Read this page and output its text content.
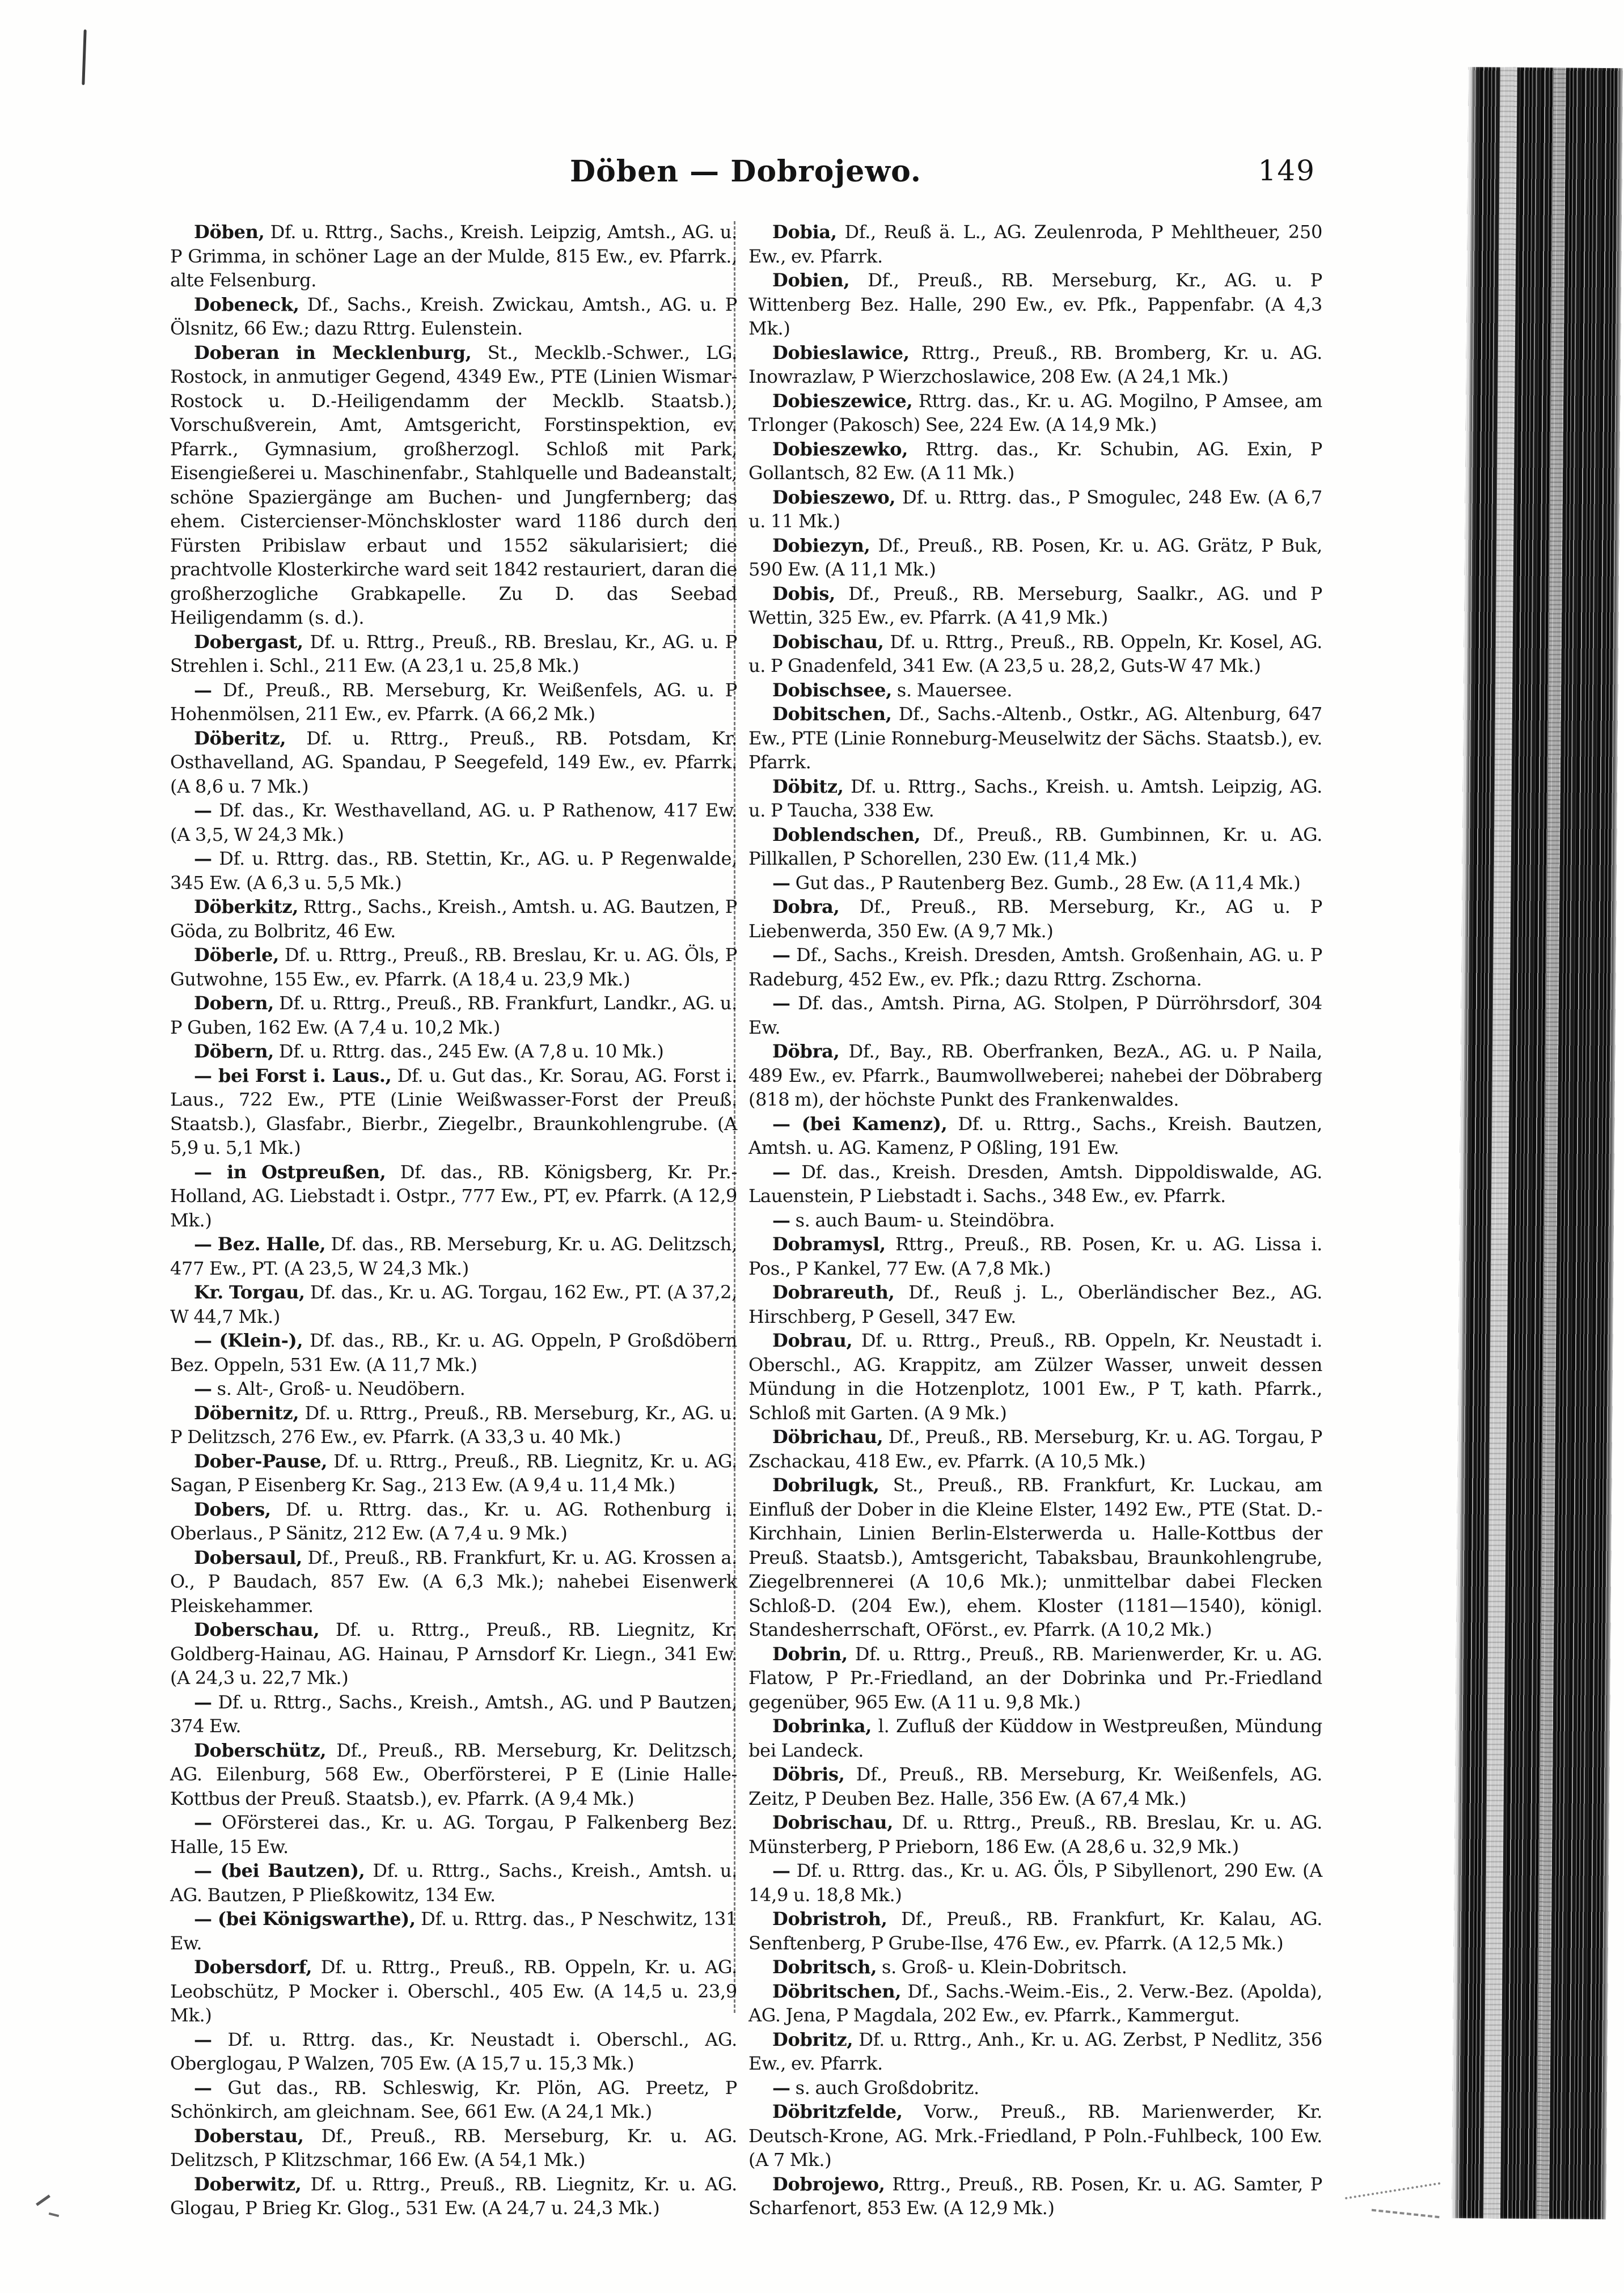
Döben — Dobrojewo.	149

Döben, Df. u. Rttrg., Sachs., Kreish. Leipzig, Amtsh., AG. u. P Grimma, in schöner Lage an der Mulde, 815 Ew., ev. Pfarrk., alte Felsenburg.

Dobeneck, Df., Sachs., Kreish. Zwickau, Amtsh., AG. u. P Ölsnitz, 66 Ew.; dazu Rttrg. Eulenstein.

Doberan in Mecklenburg, St., Mecklb.-Schwer., LG. Rostock, in anmutiger Gegend, 4349 Ew., PTE (Linien Wismar-Rostock u. D.-Heiligendamm der Mecklb. Staatsb.), Vorschußverein, Amt, Amtsgericht, Forstinspektion, ev. Pfarrk., Gymnasium, großherzogl. Schloß mit Park, Eisengießerei u. Maschinenfabr., Stahlquelle und Badeanstalt, schöne Spaziergänge am Buchen- und Jungfernberg; das ehem. Cistercienser-Mönchskloster ward 1186 durch den Fürsten Pribislaw erbaut und 1552 säkularisiert; die prachtvolle Klosterkirche ward seit 1842 restauriert, daran die großherzogliche Grabkapelle. Zu D. das Seebad Heiligendamm (s. d.).

Dobergast, Df. u. Rttrg., Preuß., RB. Breslau, Kr., AG. u. P Strehlen i. Schl., 211 Ew. (A 23,1 u. 25,8 Mk.)

— Df., Preuß., RB. Merseburg, Kr. Weißenfels, AG. u. P Hohenmölsen, 211 Ew., ev. Pfarrk. (A 66,2 Mk.)

Döberitz, Df. u. Rttrg., Preuß., RB. Potsdam, Kr. Osthavelland, AG. Spandau, P Seegefeld, 149 Ew., ev. Pfarrk. (A 8,6 u. 7 Mk.)

— Df. das., Kr. Westhavelland, AG. u. P Rathenow, 417 Ew. (A 3,5, W 24,3 Mk.)

— Df. u. Rttrg. das., RB. Stettin, Kr., AG. u. P Regenwalde, 345 Ew. (A 6,3 u. 5,5 Mk.)

Döberkitz, Rttrg., Sachs., Kreish., Amtsh. u. AG. Bautzen, P Göda, zu Bolbritz, 46 Ew.

Döberle, Df. u. Rttrg., Preuß., RB. Breslau, Kr. u. AG. Öls, P Gutwohne, 155 Ew., ev. Pfarrk. (A 18,4 u. 23,9 Mk.)

Dobern, Df. u. Rttrg., Preuß., RB. Frankfurt, Landkr., AG. u. P Guben, 162 Ew. (A 7,4 u. 10,2 Mk.)

Döbern, Df. u. Rttrg. das., 245 Ew. (A 7,8 u. 10 Mk.)

— bei Forst i. Laus., Df. u. Gut das., Kr. Sorau, AG. Forst i. Laus., 722 Ew., PTE (Linie Weißwasser-Forst der Preuß. Staatsb.), Glasfabr., Bierbr., Ziegelbr., Braunkohlengrube. (A 5,9 u. 5,1 Mk.)

— in Ostpreußen, Df. das., RB. Königsberg, Kr. Pr.-Holland, AG. Liebstadt i. Ostpr., 777 Ew., PT, ev. Pfarrk. (A 12,9 Mk.)

— Bez. Halle, Df. das., RB. Merseburg, Kr. u. AG. Delitzsch, 477 Ew., PT. (A 23,5, W 24,3 Mk.)

Kr. Torgau, Df. das., Kr. u. AG. Torgau, 162 Ew., PT. (A 37,2, W 44,7 Mk.)

— (Klein-), Df. das., RB., Kr. u. AG. Oppeln, P Großdöbern Bez. Oppeln, 531 Ew. (A 11,7 Mk.)

— s. Alt-, Groß- u. Neudöbern.

Döbernitz, Df. u. Rttrg., Preuß., RB. Merseburg, Kr., AG. u. P Delitzsch, 276 Ew., ev. Pfarrk. (A 33,3 u. 40 Mk.)

Dober-Pause, Df. u. Rttrg., Preuß., RB. Liegnitz, Kr. u. AG. Sagan, P Eisenberg Kr. Sag., 213 Ew. (A 9,4 u. 11,4 Mk.)

Dobers, Df. u. Rttrg. das., Kr. u. AG. Rothenburg i. Oberlaus., P Sänitz, 212 Ew. (A 7,4 u. 9 Mk.)

Dobersaul, Df., Preuß., RB. Frankfurt, Kr. u. AG. Krossen a. O., P Baudach, 857 Ew. (A 6,3 Mk.); nahebei Eisenwerk Pleiskehammer.

Doberschau, Df. u. Rttrg., Preuß., RB. Liegnitz, Kr. Goldberg-Hainau, AG. Hainau, P Arnsdorf Kr. Liegn., 341 Ew. (A 24,3 u. 22,7 Mk.)

— Df. u. Rttrg., Sachs., Kreish., Amtsh., AG. und P Bautzen, 374 Ew.

Doberschütz, Df., Preuß., RB. Merseburg, Kr. Delitzsch, AG. Eilenburg, 568 Ew., Oberförsterei, P E (Linie Halle-Kottbus der Preuß. Staatsb.), ev. Pfarrk. (A 9,4 Mk.)

— OFörsterei das., Kr. u. AG. Torgau, P Falkenberg Bez. Halle, 15 Ew.

— (bei Bautzen), Df. u. Rttrg., Sachs., Kreish., Amtsh. u. AG. Bautzen, P Pließkowitz, 134 Ew.

— (bei Königswarthe), Df. u. Rttrg. das., P Neschwitz, 131 Ew.

Dobersdorf, Df. u. Rttrg., Preuß., RB. Oppeln, Kr. u. AG. Leobschütz, P Mocker i. Oberschl., 405 Ew. (A 14,5 u. 23,9 Mk.)

— Df. u. Rttrg. das., Kr. Neustadt i. Oberschl., AG. Oberglogau, P Walzen, 705 Ew. (A 15,7 u. 15,3 Mk.)

— Gut das., RB. Schleswig, Kr. Plön, AG. Preetz, P Schönkirch, am gleichnam. See, 661 Ew. (A 24,1 Mk.)

Doberstau, Df., Preuß., RB. Merseburg, Kr. u. AG. Delitzsch, P Klitzschmar, 166 Ew. (A 54,1 Mk.)

Doberwitz, Df. u. Rttrg., Preuß., RB. Liegnitz, Kr. u. AG. Glogau, P Brieg Kr. Glog., 531 Ew. (A 24,7 u. 24,3 Mk.)

Dobia, Df., Reuß ä. L., AG. Zeulenroda, P Mehltheuer, 250 Ew., ev. Pfarrk.

Dobien, Df., Preuß., RB. Merseburg, Kr., AG. u. P Wittenberg Bez. Halle, 290 Ew., ev. Pfk., Pappenfabr. (A 4,3 Mk.)

Dobieslawice, Rttrg., Preuß., RB. Bromberg, Kr. u. AG. Inowrazlaw, P Wierzchoslawice, 208 Ew. (A 24,1 Mk.)

Dobieszewice, Rttrg. das., Kr. u. AG. Mogilno, P Amsee, am Trlonger (Pakosch) See, 224 Ew. (A 14,9 Mk.)

Dobieszewko, Rttrg. das., Kr. Schubin, AG. Exin, P Gollantsch, 82 Ew. (A 11 Mk.)

Dobieszewo, Df. u. Rttrg. das., P Smogulec, 248 Ew. (A 6,7 u. 11 Mk.)

Dobiezyn, Df., Preuß., RB. Posen, Kr. u. AG. Grätz, P Buk, 590 Ew. (A 11,1 Mk.)

Dobis, Df., Preuß., RB. Merseburg, Saalkr., AG. und P Wettin, 325 Ew., ev. Pfarrk. (A 41,9 Mk.)

Dobischau, Df. u. Rttrg., Preuß., RB. Oppeln, Kr. Kosel, AG. u. P Gnadenfeld, 341 Ew. (A 23,5 u. 28,2, Guts-W 47 Mk.)

Dobischsee, s. Mauersee.

Dobitschen, Df., Sachs.-Altenb., Ostkr., AG. Altenburg, 647 Ew., PTE (Linie Ronneburg-Meuselwitz der Sächs. Staatsb.), ev. Pfarrk.

Döbitz, Df. u. Rttrg., Sachs., Kreish. u. Amtsh. Leipzig, AG. u. P Taucha, 338 Ew.

Doblendschen, Df., Preuß., RB. Gumbinnen, Kr. u. AG. Pillkallen, P Schorellen, 230 Ew. (11,4 Mk.)

— Gut das., P Rautenberg Bez. Gumb., 28 Ew. (A 11,4 Mk.)

Dobra, Df., Preuß., RB. Merseburg, Kr., AG u. P Liebenwerda, 350 Ew. (A 9,7 Mk.)

— Df., Sachs., Kreish. Dresden, Amtsh. Großenhain, AG. u. P Radeburg, 452 Ew., ev. Pfk.; dazu Rttrg. Zschorna.

— Df. das., Amtsh. Pirna, AG. Stolpen, P Dürröhrsdorf, 304 Ew.

Döbra, Df., Bay., RB. Oberfranken, BezA., AG. u. P Naila, 489 Ew., ev. Pfarrk., Baumwollweberei; nahebei der Döbraberg (818 m), der höchste Punkt des Frankenwaldes.

— (bei Kamenz), Df. u. Rttrg., Sachs., Kreish. Bautzen, Amtsh. u. AG. Kamenz, P Oßling, 191 Ew.

— Df. das., Kreish. Dresden, Amtsh. Dippoldiswalde, AG. Lauenstein, P Liebstadt i. Sachs., 348 Ew., ev. Pfarrk.

— s. auch Baum- u. Steindöbra.

Dobramysl, Rttrg., Preuß., RB. Posen, Kr. u. AG. Lissa i. Pos., P Kankel, 77 Ew. (A 7,8 Mk.)

Dobrareuth, Df., Reuß j. L., Oberländischer Bez., AG. Hirschberg, P Gesell, 347 Ew.

Dobrau, Df. u. Rttrg., Preuß., RB. Oppeln, Kr. Neustadt i. Oberschl., AG. Krappitz, am Zülzer Wasser, unweit dessen Mündung in die Hotzenplotz, 1001 Ew., P T, kath. Pfarrk., Schloß mit Garten. (A 9 Mk.)

Döbrichau, Df., Preuß., RB. Merseburg, Kr. u. AG. Torgau, P Zschackau, 418 Ew., ev. Pfarrk. (A 10,5 Mk.)

Dobrilugk, St., Preuß., RB. Frankfurt, Kr. Luckau, am Einfluß der Dober in die Kleine Elster, 1492 Ew., PTE (Stat. D.-Kirchhain, Linien Berlin-Elsterwerda u. Halle-Kottbus der Preuß. Staatsb.), Amtsgericht, Tabaksbau, Braunkohlengrube, Ziegelbrennerei (A 10,6 Mk.); unmittelbar dabei Flecken Schloß-D. (204 Ew.), ehem. Kloster (1181—1540), königl. Standesherrschaft, OFörst., ev. Pfarrk. (A 10,2 Mk.)

Dobrin, Df. u. Rttrg., Preuß., RB. Marienwerder, Kr. u. AG. Flatow, P Pr.-Friedland, an der Dobrinka und Pr.-Friedland gegenüber, 965 Ew. (A 11 u. 9,8 Mk.)

Dobrinka, l. Zufluß der Küddow in Westpreußen, Mündung bei Landeck.

Döbris, Df., Preuß., RB. Merseburg, Kr. Weißenfels, AG. Zeitz, P Deuben Bez. Halle, 356 Ew. (A 67,4 Mk.)

Dobrischau, Df. u. Rttrg., Preuß., RB. Breslau, Kr. u. AG. Münsterberg, P Prieborn, 186 Ew. (A 28,6 u. 32,9 Mk.)

— Df. u. Rttrg. das., Kr. u. AG. Öls, P Sibyllenort, 290 Ew. (A 14,9 u. 18,8 Mk.)

Dobristroh, Df., Preuß., RB. Frankfurt, Kr. Kalau, AG. Senftenberg, P Grube-Ilse, 476 Ew., ev. Pfarrk. (A 12,5 Mk.)

Dobritsch, s. Groß- u. Klein-Dobritsch.

Döbritschen, Df., Sachs.-Weim.-Eis., 2. Verw.-Bez. (Apolda), AG. Jena, P Magdala, 202 Ew., ev. Pfarrk., Kammergut.

Dobritz, Df. u. Rttrg., Anh., Kr. u. AG. Zerbst, P Nedlitz, 356 Ew., ev. Pfarrk.

— s. auch Großdobritz.

Döbritzfelde, Vorw., Preuß., RB. Marienwerder, Kr. Deutsch-Krone, AG. Mrk.-Friedland, P Poln.-Fuhlbeck, 100 Ew. (A 7 Mk.)

Dobrojewo, Rttrg., Preuß., RB. Posen, Kr. u. AG. Samter, P Scharfenort, 853 Ew. (A 12,9 Mk.)
